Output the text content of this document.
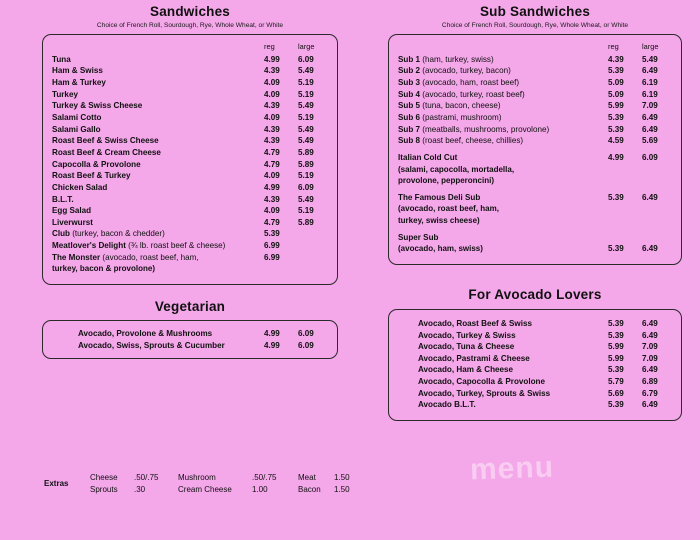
Sandwiches
Choice of French Roll, Sourdough, Rye, Whole Wheat, or White
	reg	large
Tuna	4.99	6.09
Ham & Swiss	4.39	5.49
Ham & Turkey	4.09	5.19
Turkey	4.09	5.19
Turkey & Swiss Cheese	4.39	5.49
Salami Cotto	4.09	5.19
Salami Gallo	4.39	5.49
Roast Beef & Swiss Cheese	4.39	5.49
Roast Beef & Cream Cheese	4.79	5.89
Capocolla & Provolone	4.79	5.89
Roast Beef & Turkey	4.09	5.19
Chicken Salad	4.99	6.09
B.L.T.	4.39	5.49
Egg Salad	4.09	5.19
Liverwurst	4.79	5.89
Club (turkey, bacon & chedder)	5.39	
Meatlover's Delight (¾ lb. roast beef & cheese)	6.99	
The Monster (avocado, roast beef, ham,	6.99	
turkey, bacon & provolone)		
Vegetarian
Avocado, Provolone & Mushrooms	4.99	6.09
Avocado, Swiss, Sprouts & Cucumber	4.99	6.09
Sub Sandwiches
Choice of French Roll, Sourdough, Rye, Whole Wheat, or White
	reg	large
Sub 1 (ham, turkey, swiss)	4.39	5.49
Sub 2 (avocado, turkey, bacon)	5.39	6.49
Sub 3 (avocado, ham, roast beef)	5.09	6.19
Sub 4 (avocado, turkey, roast beef)	5.09	6.19
Sub 5 (tuna, bacon, cheese)	5.99	7.09
Sub 6 (pastrami, mushroom)	5.39	6.49
Sub 7 (meatballs, mushrooms, provolone)	5.39	6.49
Sub 8 (roast beef, cheese, chillies)	4.59	5.69

Italian Cold Cut	4.99	6.09
(salami, capocolla, mortadella,		
provolone, pepperoncini)		

The Famous Deli Sub	5.39	6.49
(avocado, roast beef, ham,		
turkey, swiss cheese)		

Super Sub		
(avocado, ham, swiss)	5.39	6.49
For Avocado Lovers
Avocado, Roast Beef & Swiss	5.39	6.49
Avocado, Turkey & Swiss	5.39	6.49
Avocado, Tuna & Cheese	5.99	7.09
Avocado, Pastrami & Cheese	5.99	7.09
Avocado, Ham & Cheese	5.39	6.49
Avocado, Capocolla & Provolone	5.79	6.89
Avocado, Turkey, Sprouts & Swiss	5.69	6.79
Avocado B.L.T.	5.39	6.49
Extras	Cheese	.50/.75	Mushroom	.50/.75	Meat	1.50
	Sprouts	.30	Cream Cheese	1.00	Bacon	1.50
menu
